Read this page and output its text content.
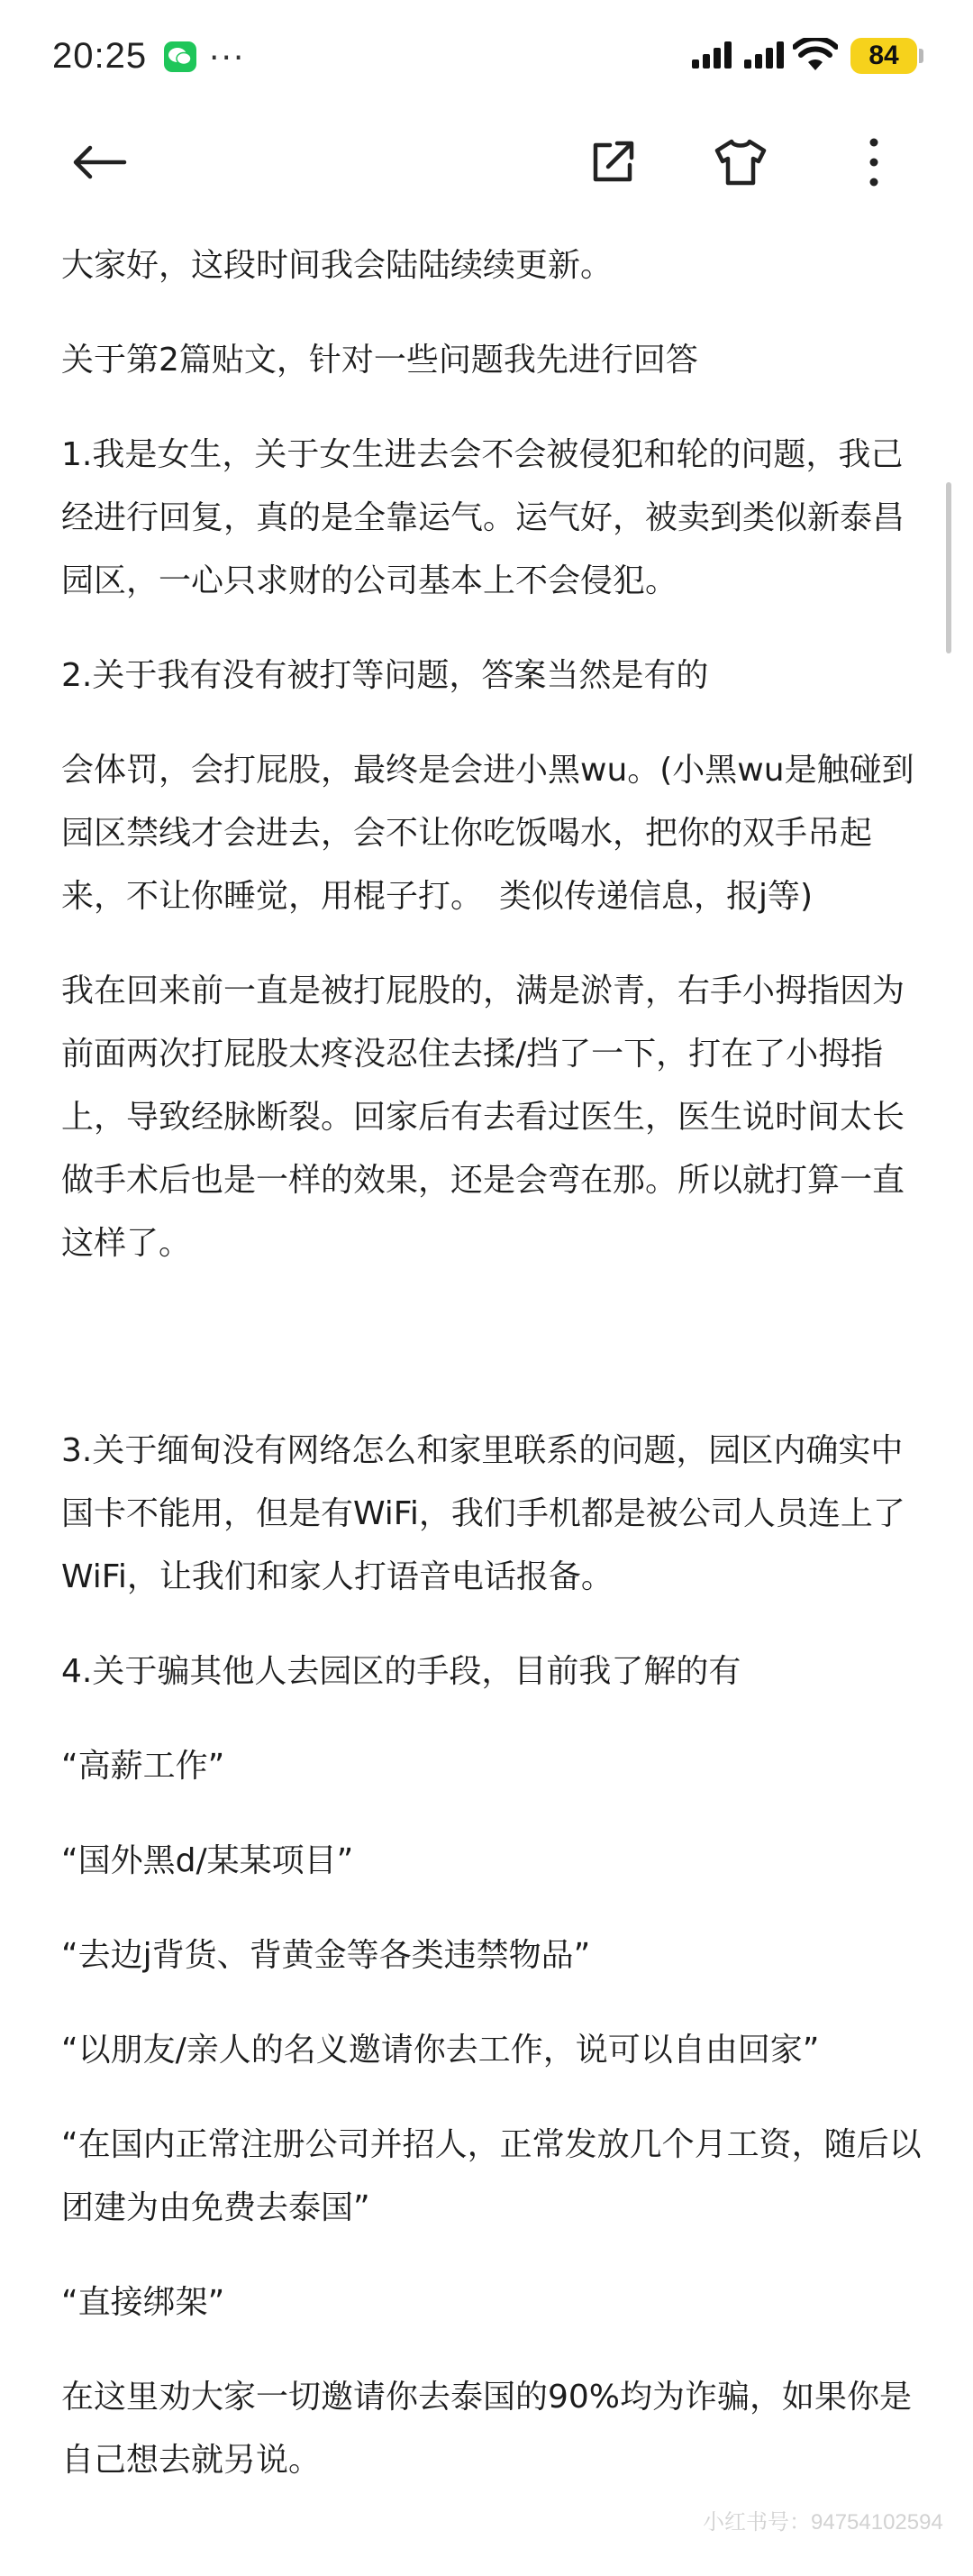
20:25 ···	84

大家好，这段时间我会陆陆续续更新。

关于第2篇贴文，针对一些问题我先进行回答

1.我是女生，关于女生进去会不会被侵犯和轮的问题，我己经进行回复，真的是全靠运气。运气好，被卖到类似新泰昌园区，一心只求财的公司基本上不会侵犯。

2.关于我有没有被打等问题，答案当然是有的

会体罚，会打屁股，最终是会进小黑wu。(小黑wu是触碰到园区禁线才会进去，会不让你吃饭喝水，把你的双手吊起来，不让你睡觉，用棍子打。　类似传递信息，报j等)

我在回来前一直是被打屁股的，满是淤青，右手小拇指因为前面两次打屁股太疼没忍住去揉/挡了一下，打在了小拇指上，导致经脉断裂。回家后有去看过医生，医生说时间太长做手术后也是一样的效果，还是会弯在那。所以就打算一直这样了。

3.关于缅甸没有网络怎么和家里联系的问题，园区内确实中国卡不能用，但是有WiFi，我们手机都是被公司人员连上了WiFi，让我们和家人打语音电话报备。

4.关于骗其他人去园区的手段，目前我了解的有

“高薪工作”

“国外黑d/某某项目”

“去边j背货、背黄金等各类违禁物品”

“以朋友/亲人的名义邀请你去工作，说可以自由回家”

“在国内正常注册公司并招人，正常发放几个月工资，随后以团建为由免费去泰国”

“直接绑架”

在这里劝大家一切邀请你去泰国的90%均为诈骗，如果你是自己想去就另说。

小红书号：94754102594
